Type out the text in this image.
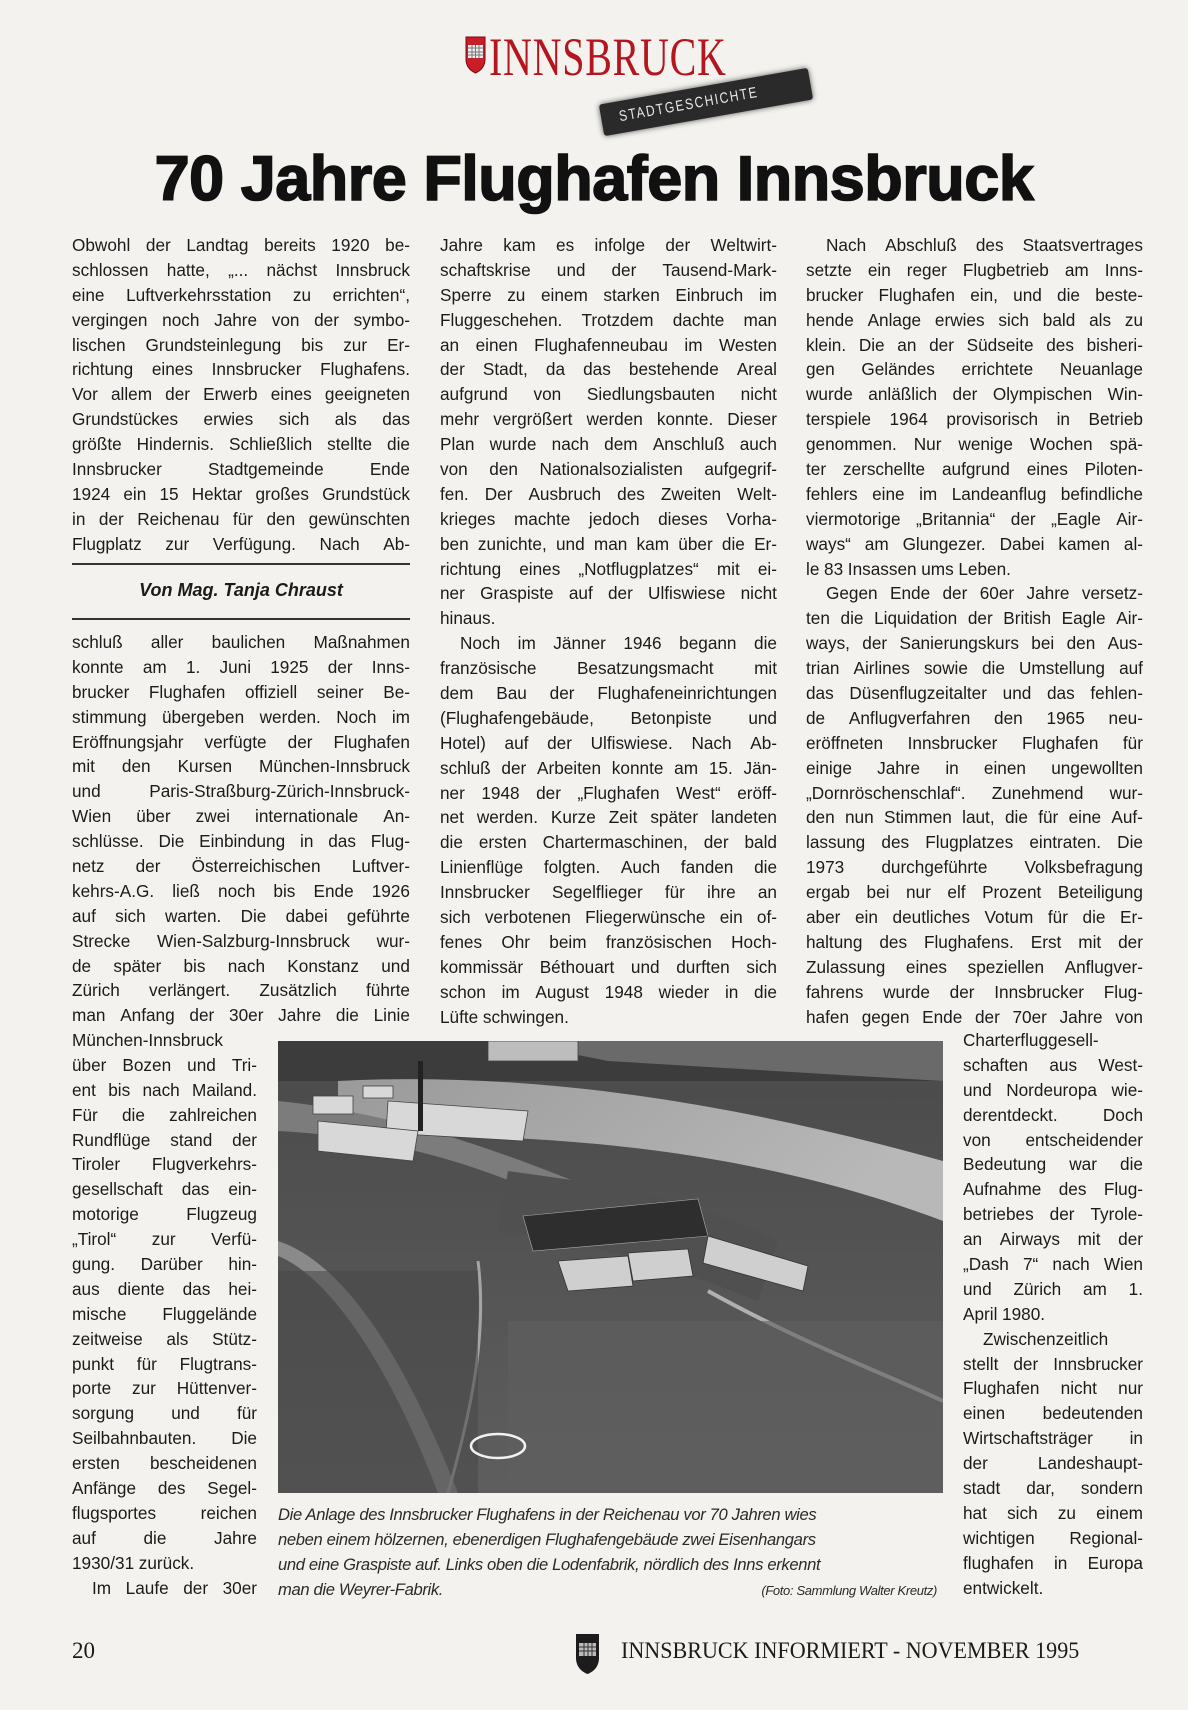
INNSBRUCK
STADTGESCHICHTE
70 Jahre Flughafen Innsbruck
Obwohl der Landtag bereits 1920 be-
schlossen hatte, „... nächst Innsbruck
eine Luftverkehrsstation zu errichten“,
vergingen noch Jahre von der symbo-
lischen Grundsteinlegung bis zur Er-
richtung eines Innsbrucker Flughafens.
Vor allem der Erwerb eines geeigneten
Grundstückes erwies sich als das
größte Hindernis. Schließlich stellte die
Innsbrucker	Stadtgemeinde	Ende
1924 ein 15 Hektar großes Grundstück
in der Reichenau für den gewünschten
Flugplatz zur Verfügung. Nach Ab-
Von Mag. Tanja Chraust
schluß aller baulichen Maßnahmen
konnte am 1. Juni 1925 der Inns-
brucker Flughafen offiziell seiner Be-
stimmung übergeben werden. Noch im
Eröffnungsjahr verfügte der Flughafen
mit den Kursen München-Innsbruck
und	Paris-Straßburg-Zürich-Innsbruck-
Wien über zwei internationale An-
schlüsse. Die Einbindung in das Flug-
netz der Österreichischen Luftver-
kehrs-A.G. ließ noch bis Ende 1926
auf sich warten. Die dabei geführte
Strecke Wien-Salzburg-Innsbruck wur-
de später bis nach Konstanz und
Zürich verlängert. Zusätzlich führte
man Anfang der 30er Jahre die Linie
München-Innsbruck
über Bozen und Tri-
ent bis nach Mailand.
Für die zahlreichen
Rundflüge stand der
Tiroler Flugverkehrs-
gesellschaft das ein-
motorige	Flugzeug
„Tirol“ zur Verfü-
gung. Darüber hin-
aus diente das hei-
mische Fluggelände
zeitweise als Stütz-
punkt für Flugtrans-
porte zur Hüttenver-
sorgung und für
Seilbahnbauten. Die
ersten bescheidenen
Anfänge des Segel-
flugsportes	reichen
auf	die	Jahre
1930/31 zurück.
Im Laufe der 30er
Jahre kam es infolge der Weltwirt-
schaftskrise und der Tausend-Mark-
Sperre zu einem starken Einbruch im
Fluggeschehen. Trotzdem dachte man
an einen Flughafenneubau im Westen
der Stadt, da das bestehende Areal
aufgrund von Siedlungsbauten nicht
mehr vergrößert werden konnte. Dieser
Plan wurde nach dem Anschluß auch
von den Nationalsozialisten aufgegrif-
fen. Der Ausbruch des Zweiten Welt-
krieges machte jedoch dieses Vorha-
ben zunichte, und man kam über die Er-
richtung eines „Notflugplatzes“ mit ei-
ner Graspiste auf der Ulfiswiese nicht
hinaus.
Noch im Jänner 1946 begann die
französische Besatzungsmacht mit
dem Bau der Flughafeneinrichtungen
(Flughafengebäude, Betonpiste und
Hotel) auf der Ulfiswiese. Nach Ab-
schluß der Arbeiten konnte am 15. Jän-
ner 1948 der „Flughafen West“ eröff-
net werden. Kurze Zeit später landeten
die ersten Chartermaschinen, der bald
Linienflüge folgten. Auch fanden die
Innsbrucker Segelflieger für ihre an
sich verbotenen Fliegerwünsche ein of-
fenes Ohr beim französischen Hoch-
kommissär Béthouart und durften sich
schon im August 1948 wieder in die
Lüfte schwingen.
Nach Abschluß des Staatsvertrages
setzte ein reger Flugbetrieb am Inns-
brucker Flughafen ein, und die beste-
hende Anlage erwies sich bald als zu
klein. Die an der Südseite des bisheri-
gen Geländes errichtete Neuanlage
wurde anläßlich der Olympischen Win-
terspiele 1964 provisorisch in Betrieb
genommen. Nur wenige Wochen spä-
ter zerschellte aufgrund eines Piloten-
fehlers eine im Landeanflug befindliche
viermotorige „Britannia“ der „Eagle Air-
ways“ am Glungezer. Dabei kamen al-
le 83 Insassen ums Leben.
Gegen Ende der 60er Jahre versetz-
ten die Liquidation der British Eagle Air-
ways, der Sanierungskurs bei den Aus-
trian Airlines sowie die Umstellung auf
das Düsenflugzeitalter und das fehlen-
de Anflugverfahren den 1965 neu-
eröffneten Innsbrucker Flughafen für
einige Jahre in einen ungewollten
„Dornröschenschlaf“. Zunehmend wur-
den nun Stimmen laut, die für eine Auf-
lassung des Flugplatzes eintraten. Die
1973 durchgeführte Volksbefragung
ergab bei nur elf Prozent Beteiligung
aber ein deutliches Votum für die Er-
haltung des Flughafens. Erst mit der
Zulassung eines speziellen Anflugver-
fahrens wurde der Innsbrucker Flug-
hafen gegen Ende der 70er Jahre von
Charterfluggesell-
schaften aus West-
und Nordeuropa wie-
derentdeckt.	Doch
von entscheidender
Bedeutung war die
Aufnahme des Flug-
betriebes der Tyrole-
an Airways mit der
„Dash 7“ nach Wien
und Zürich am 1.
April 1980.
Zwischenzeitlich
stellt der Innsbrucker
Flughafen nicht nur
einen bedeutenden
Wirtschaftsträger in
der	Landeshaupt-
stadt dar, sondern
hat sich zu einem
wichtigen Regional-
flughafen in Europa
entwickelt.
Die Anlage des Innsbrucker Flughafens in der Reichenau vor 70 Jahren wies
neben einem hölzernen, ebenerdigen Flughafengebäude zwei Eisenhangars
und eine Graspiste auf. Links oben die Lodenfabrik, nördlich des Inns erkennt
man die Weyrer-Fabrik.	(Foto: Sammlung Walter Kreutz)
20	INNSBRUCK INFORMIERT - NOVEMBER 1995
